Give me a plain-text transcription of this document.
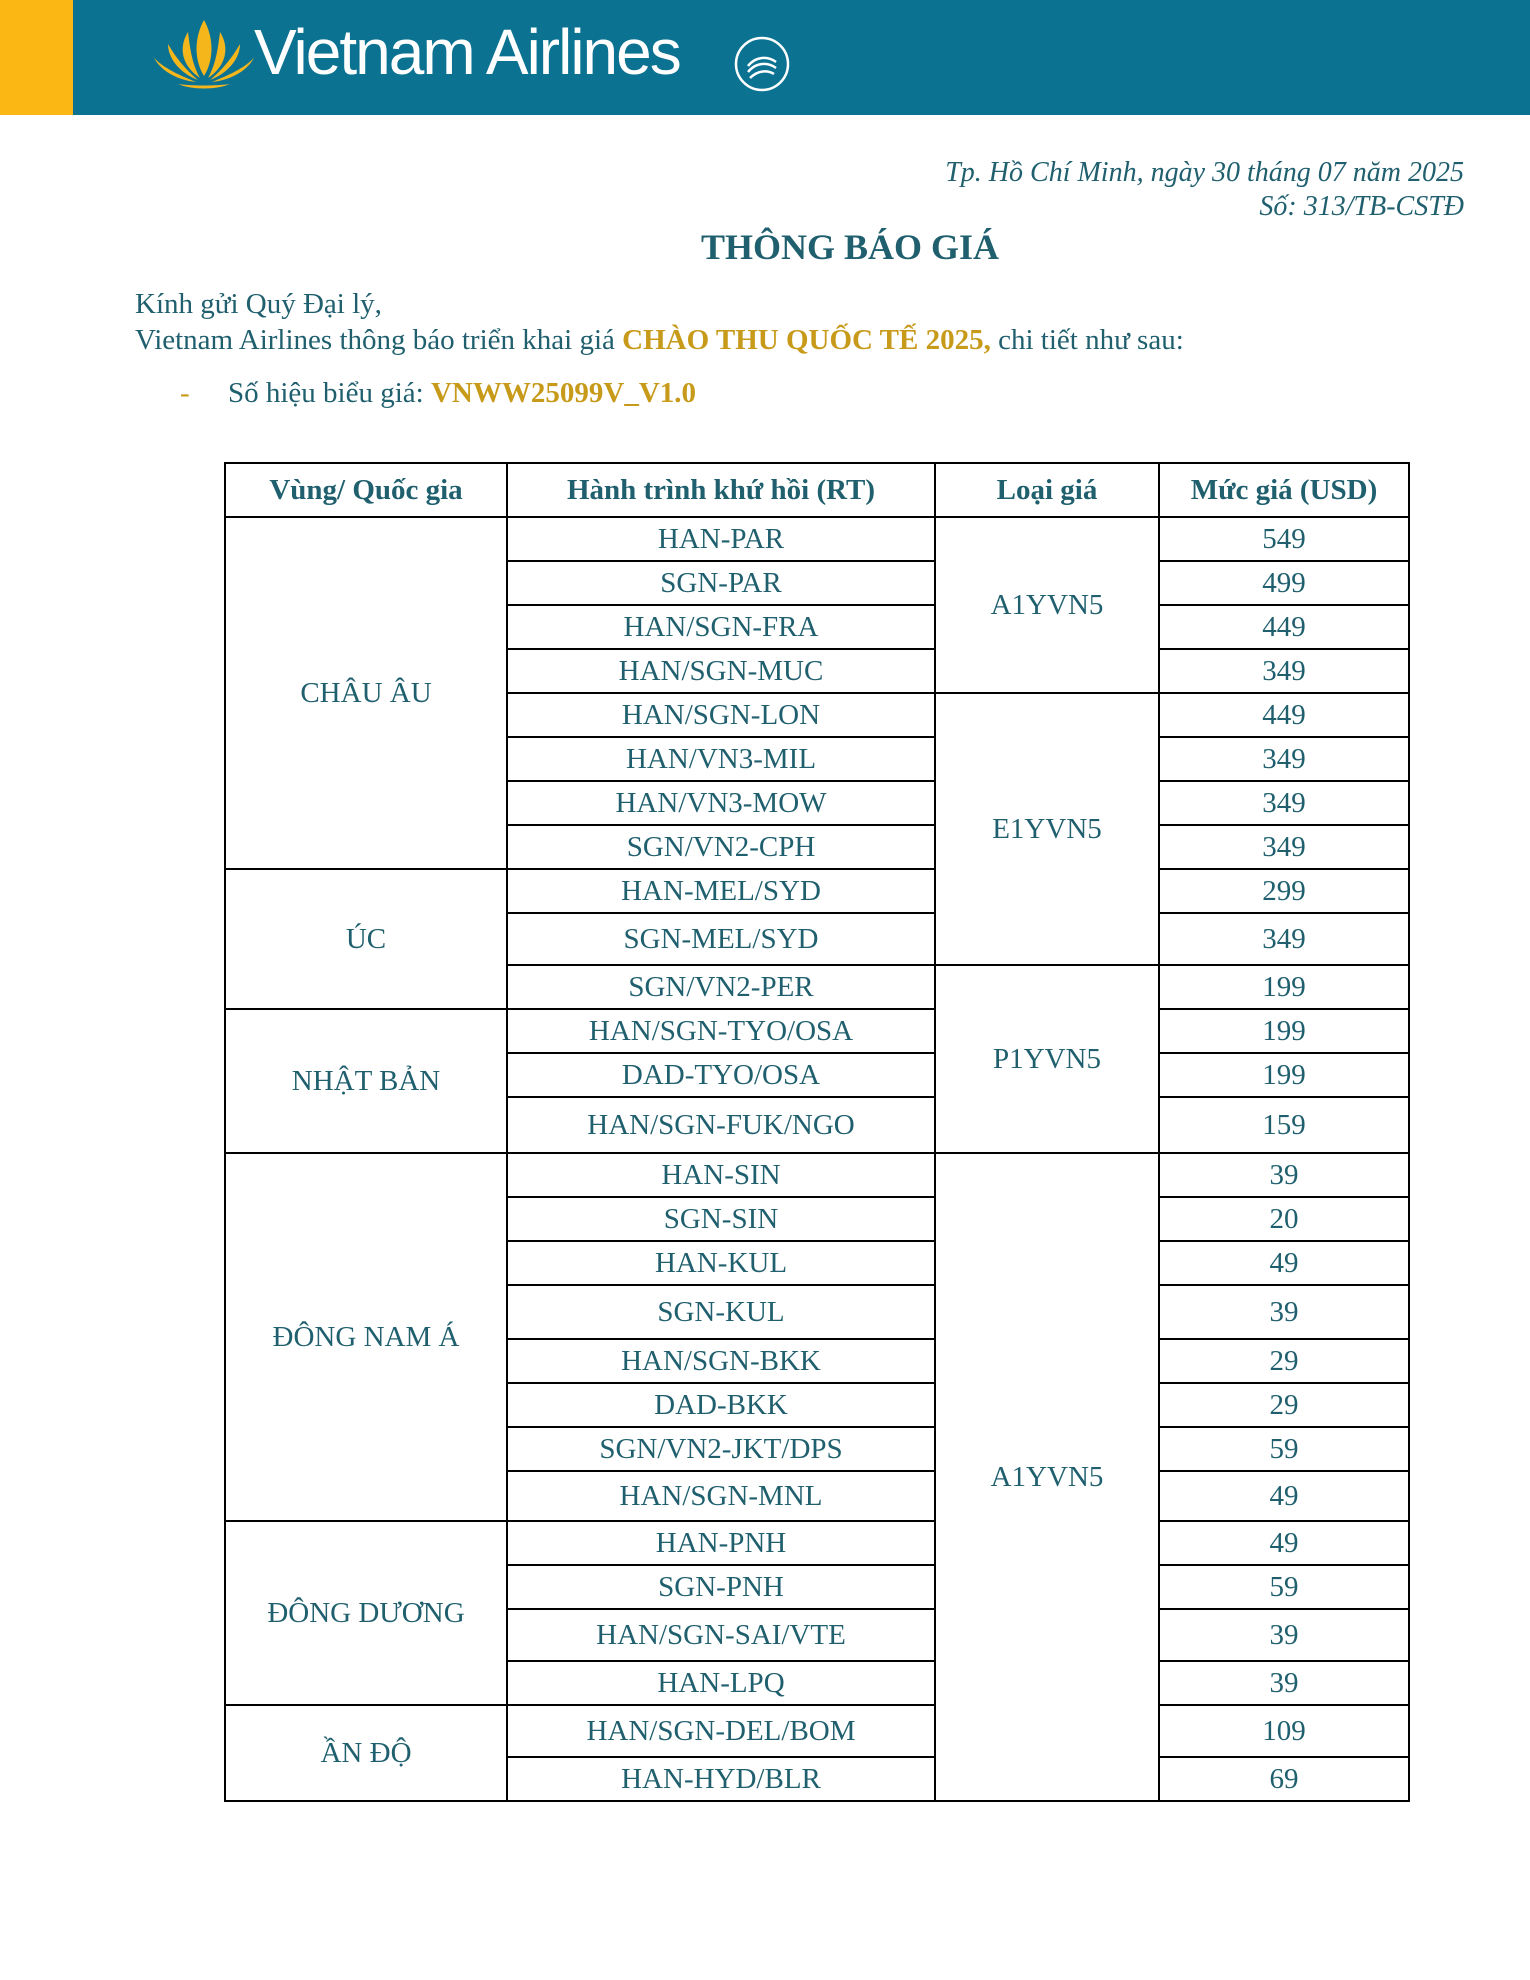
Vietnam Airlines
Tp. Hồ Chí Minh, ngày 30 tháng 07 năm 2025
Số: 313/TB-CSTĐ
THÔNG BÁO GIÁ
Kính gửi Quý Đại lý,
Vietnam Airlines thông báo triển khai giá CHÀO THU QUỐC TẾ 2025, chi tiết như sau:
- Số hiệu biểu giá: VNWW25099V_V1.0
Vùng/ Quốc gia	Hành trình khứ hồi (RT)	Loại giá	Mức giá (USD)
CHÂU ÂU	HAN-PAR	A1YVN5	549
	SGN-PAR		499
	HAN/SGN-FRA		449
	HAN/SGN-MUC		349
	HAN/SGN-LON	E1YVN5	449
	HAN/VN3-MIL		349
	HAN/VN3-MOW		349
	SGN/VN2-CPH		349
ÚC	HAN-MEL/SYD		299
	SGN-MEL/SYD		349
	SGN/VN2-PER	P1YVN5	199
NHẬT BẢN	HAN/SGN-TYO/OSA		199
	DAD-TYO/OSA		199
	HAN/SGN-FUK/NGO		159
ĐÔNG NAM Á	HAN-SIN	A1YVN5	39
	SGN-SIN		20
	HAN-KUL		49
	SGN-KUL		39
	HAN/SGN-BKK		29
	DAD-BKK		29
	SGN/VN2-JKT/DPS		59
	HAN/SGN-MNL		49
ĐÔNG DƯƠNG	HAN-PNH		49
	SGN-PNH		59
	HAN/SGN-SAI/VTE		39
	HAN-LPQ		39
ẦN ĐỘ	HAN/SGN-DEL/BOM		109
	HAN-HYD/BLR		69
